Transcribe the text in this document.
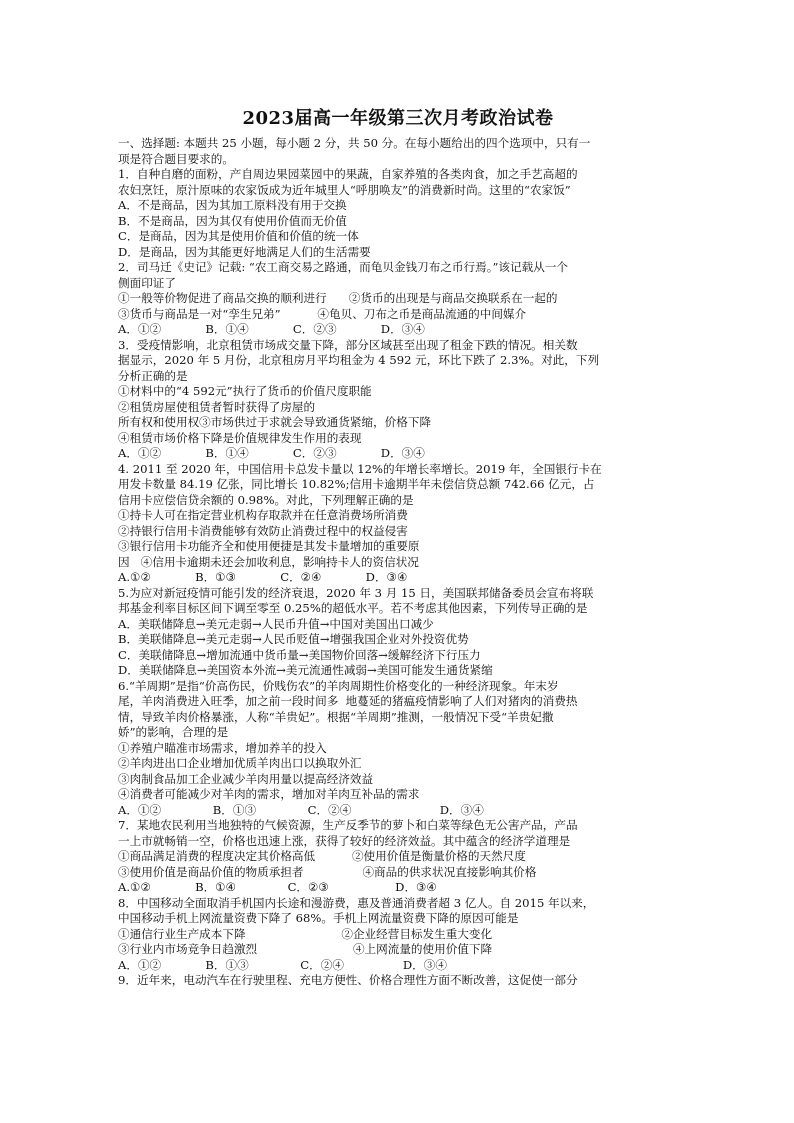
2023届高一年级第三次月考政治试卷
一、选择题: 本题共 25 小题，每小题 2 分，共 50 分。在每小题给出的四个选项中，只有一
项是符合题目要求的。
1．自种自磨的面粉，产自周边果园菜园中的果蔬，自家养殖的各类肉食，加之手艺高超的
农妇烹饪，原汁原味的农家饭成为近年城里人“呼朋唤友”的消费新时尚。这里的“农家饭”
A．不是商品，因为其加工原料没有用于交换
B．不是商品，因为其仅有使用价值而无价值
C．是商品，因为其是使用价值和价值的统一体
D．是商品，因为其能更好地满足人们的生活需要
2．司马迁《史记》记载: “农工商交易之路通，而龟贝金钱刀布之币行焉。”该记载从一个
侧面印证了
①一般等价物促进了商品交换的顺利进行      ②货币的出现是与商品交换联系在一起的
③货币与商品是一对“孪生兄弟”          ④龟贝、刀布之币是商品流通的中间媒介
A．①②            B．①④            C．②③            D．③④
3．受疫情影响，北京租赁市场成交量下降，部分区域甚至出现了租金下跌的情况。相关数
据显示，2020 年 5 月份，北京租房月平均租金为 4 592 元，环比下跌了 2.3%。对此，下列
分析正确的是
①材料中的“4 592元”执行了货币的价值尺度职能
②租赁房屋使租赁者暂时获得了房屋的
所有权和使用权③市场供过于求就会导致通货紧缩，价格下降
④租赁市场价格下降是价值规律发生作用的表现
A．①②            B．①④            C．②③            D．③④
4. 2011 至 2020 年，中国信用卡总发卡量以 12%的年增长率增长。2019 年，全国银行卡在
用发卡数量 84.19 亿张，同比增长 10.82%;信用卡逾期半年未偿信贷总额 742.66 亿元，占
信用卡应偿信贷余额的 0.98%。对此，下列理解正确的是
①持卡人可在指定营业机构存取款并在任意消费场所消费
②持银行信用卡消费能够有效防止消费过程中的权益侵害
③银行信用卡功能齐全和使用便捷是其发卡量增加的重要原
因   ④信用卡逾期未还会加收利息，影响持卡人的资信状况
A.①②            B．①③            C．②④            D．③④
5.为应对新冠疫情可能引发的经济衰退，2020 年 3 月 15 日，美国联邦储备委员会宣布将联
邦基金利率目标区间下调至零至 0.25%的超低水平。若不考虑其他因素，下列传导正确的是
A．美联储降息→美元走弱→人民币升值→中国对美国出口减少
B．美联储降息→美元走弱→人民币贬值→增强我国企业对外投资优势
C．美联储降息→增加流通中货币量→美国物价回落→缓解经济下行压力
D．美联储降息→美国资本外流→美元流通性减弱→美国可能发生通货紧缩
6.“羊周期”是指“价高伤民，价贱伤农”的羊肉周期性价格变化的一种经济现象。年末岁
尾，羊肉消费进入旺季，加之前一段时间多  地蔓延的猪瘟疫情影响了人们对猪肉的消费热
情，导致羊肉价格暴涨，人称“羊贵妃”。根据“羊周期”推测，一般情况下受“羊贵妃撒
娇”的影响，合理的是
①养殖户瞄准市场需求，增加养羊的投入
②羊肉进出口企业增加优质羊肉出口以换取外汇
③肉制食品加工企业减少羊肉用量以提高经济效益
④消费者可能减少对羊肉的需求，增加对羊肉互补品的需求
A．①②              B．①③              C．②④                        D．③④
7．某地农民利用当地独特的气候资源，生产反季节的萝卜和白菜等绿色无公害产品，产品
一上市就畅销一空，价格也迅速上涨，获得了较好的经济效益。其中蕴含的经济学道理是
①商品满足消费的程度决定其价格高低          ②使用价值是衡量价格的天然尺度
③使用价值是商品价值的物质承担者                ④商品的供求状况直接影响其价格
A.①②            B．①④              C．②③                  D．③④
8．中国移动全面取消手机国内长途和漫游费，惠及普通消费者超 3 亿人。自 2015 年以来，
中国移动手机上网流量资费下降了 68%。手机上网流量资费下降的原因可能是
①通信行业生产成本下降                          ②企业经营目标发生重大变化
③行业内市场竞争日趋激烈                          ④上网流量的使用价值下降
A．①②            B．①③              C．②④                D．③④
9．近年来，电动汽车在行驶里程、充电方便性、价格合理性方面不断改善，这促使一部分
